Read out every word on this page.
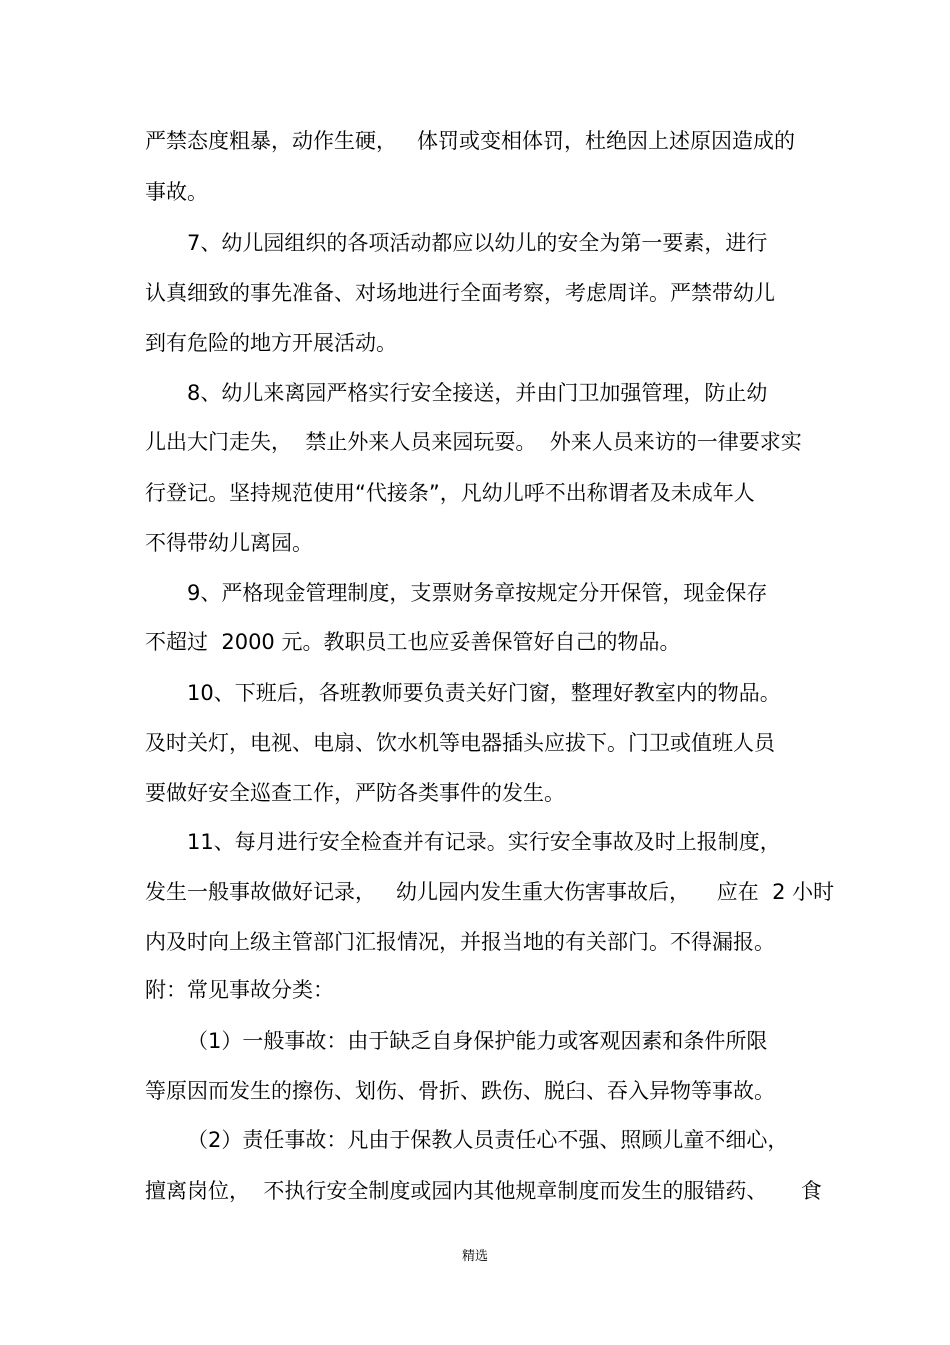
严禁态度粗暴，动作生硬，   体罚或变相体罚，杜绝因上述原因造成的

事故。

7、幼儿园组织的各项活动都应以幼儿的安全为第一要素，进行

认真细致的事先准备、对场地进行全面考察，考虑周详。严禁带幼儿

到有危险的地方开展活动。

8、幼儿来离园严格实行安全接送，并由门卫加强管理，防止幼

儿出大门走失，  禁止外来人员来园玩耍。  外来人员来访的一律要求实

行登记。坚持规范使用“代接条”，凡幼儿呼不出称谓者及未成年人

不得带幼儿离园。

9、严格现金管理制度，支票财务章按规定分开保管，现金保存

不超过  2000 元。教职员工也应妥善保管好自己的物品。

10、下班后，各班教师要负责关好门窗，整理好教室内的物品。

及时关灯，电视、电扇、饮水机等电器插头应拔下。门卫或值班人员

要做好安全巡查工作，严防各类事件的发生。

11、每月进行安全检查并有记录。实行安全事故及时上报制度，

发生一般事故做好记录，   幼儿园内发生重大伤害事故后，    应在  2 小时

内及时向上级主管部门汇报情况，并报当地的有关部门。不得漏报。

附：常见事故分类：

（1）一般事故：由于缺乏自身保护能力或客观因素和条件所限

等原因而发生的擦伤、划伤、骨折、跌伤、脱臼、吞入异物等事故。

（2）责任事故：凡由于保教人员责任心不强、照顾儿童不细心，

擅离岗位，  不执行安全制度或园内其他规章制度而发生的服错药、     食

精选
